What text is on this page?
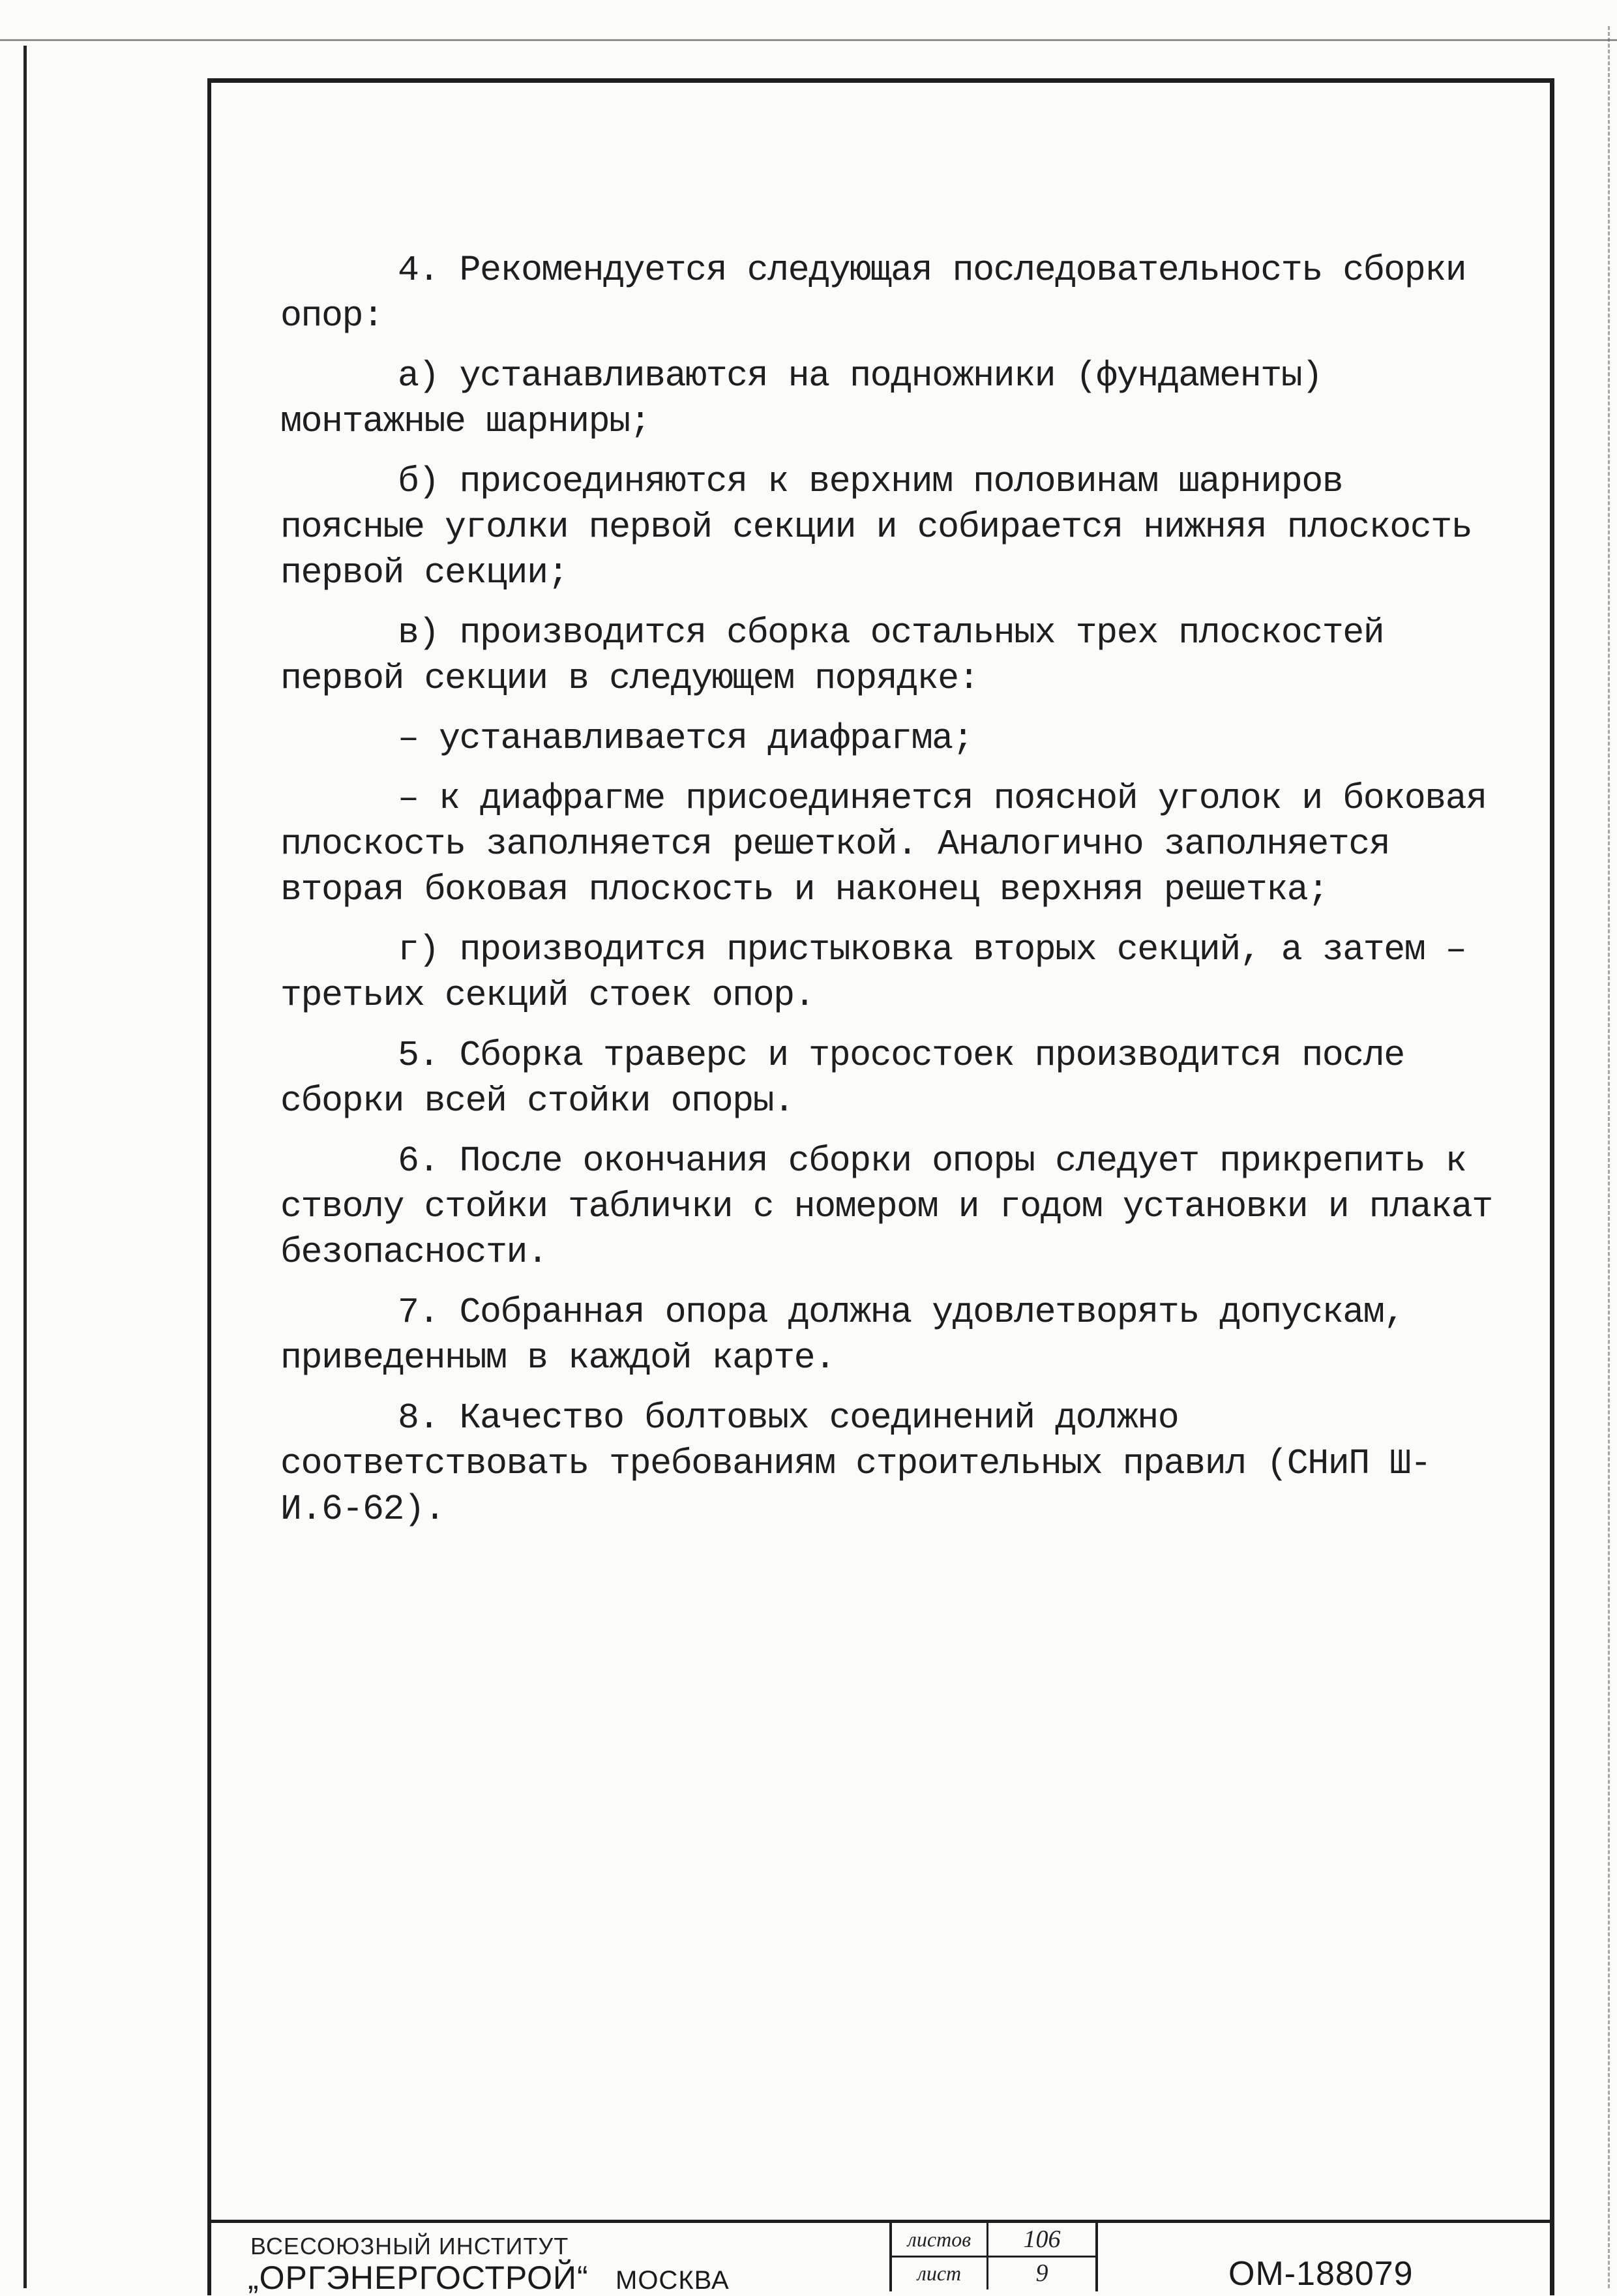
4. Рекомендуется следующая последовательность сборки опор:

а) устанавливаются на подножники (фундаменты) монтажные шарниры;

б) присоединяются к верхним половинам шарниров поясные уголки первой секции и собирается нижняя плоскость первой секции;

в) производится сборка остальных трех плоскостей первой секции в следующем порядке:

– устанавливается диафрагма;

– к диафрагме присоединяется поясной уголок и боковая плоскость заполняется решеткой. Аналогично заполняется вторая боковая плоскость и наконец верхняя решетка;

г) производится пристыковка вторых секций, а затем – третьих секций стоек опор.

5. Сборка траверс и тросостоек производится после сборки всей стойки опоры.

6. После окончания сборки опоры следует прикрепить к стволу стойки таблички с номером и годом установки и плакат безопасности.

7. Собранная опора должна удовлетворять допускам, приведенным в каждой карте.

8. Качество болтовых соединений должно соответствовать требованиям строительных правил (СНиП Ш-И.6-62).

ВСЕСОЮЗНЫЙ ИНСТИТУТ
„ОРГЭНЕРГОСТРОЙ“ МОСКВА
листов	106
лист	9	ОМ-188079
